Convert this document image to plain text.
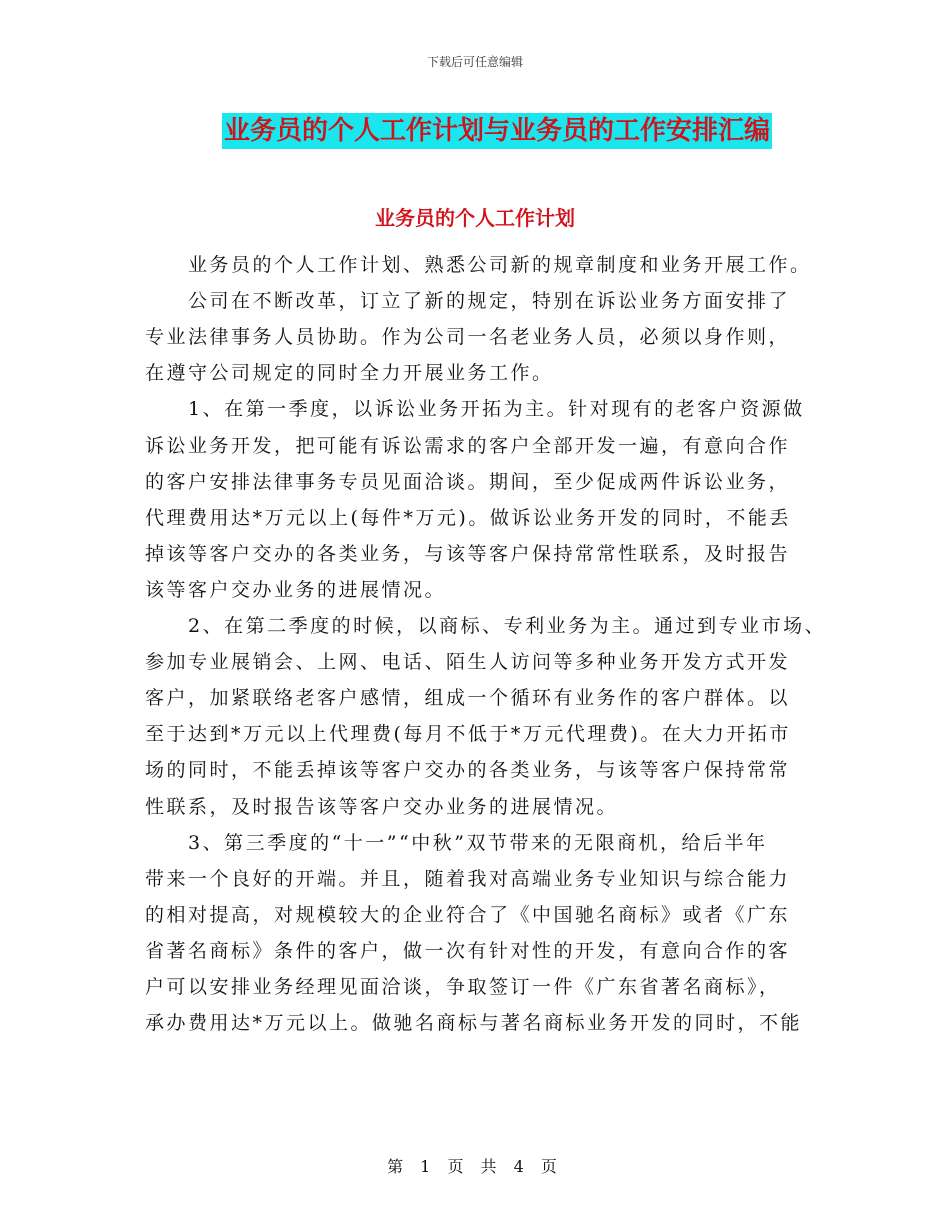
下载后可任意编辑
业务员的个人工作计划与业务员的工作安排汇编
业务员的个人工作计划
业务员的个人工作计划、熟悉公司新的规章制度和业务开展工作。
公司在不断改革，订立了新的规定，特别在诉讼业务方面安排了
专业法律事务人员协助。作为公司一名老业务人员，必须以身作则，
在遵守公司规定的同时全力开展业务工作。
1、在第一季度，以诉讼业务开拓为主。针对现有的老客户资源做
诉讼业务开发，把可能有诉讼需求的客户全部开发一遍，有意向合作
的客户安排法律事务专员见面洽谈。期间，至少促成两件诉讼业务，
代理费用达*万元以上(每件*万元)。做诉讼业务开发的同时，不能丢
掉该等客户交办的各类业务，与该等客户保持常常性联系，及时报告
该等客户交办业务的进展情况。
2、在第二季度的时候，以商标、专利业务为主。通过到专业市场、
参加专业展销会、上网、电话、陌生人访问等多种业务开发方式开发
客户，加紧联络老客户感情，组成一个循环有业务作的客户群体。以
至于达到*万元以上代理费(每月不低于*万元代理费)。在大力开拓市
场的同时，不能丢掉该等客户交办的各类业务，与该等客户保持常常
性联系，及时报告该等客户交办业务的进展情况。
3、第三季度的“十一”“中秋”双节带来的无限商机，给后半年
带来一个良好的开端。并且，随着我对高端业务专业知识与综合能力
的相对提高，对规模较大的企业符合了《中国驰名商标》或者《广东
省著名商标》条件的客户，做一次有针对性的开发，有意向合作的客
户可以安排业务经理见面洽谈，争取签订一件《广东省著名商标》，
承办费用达*万元以上。做驰名商标与著名商标业务开发的同时，不能
第 1 页 共 4 页
